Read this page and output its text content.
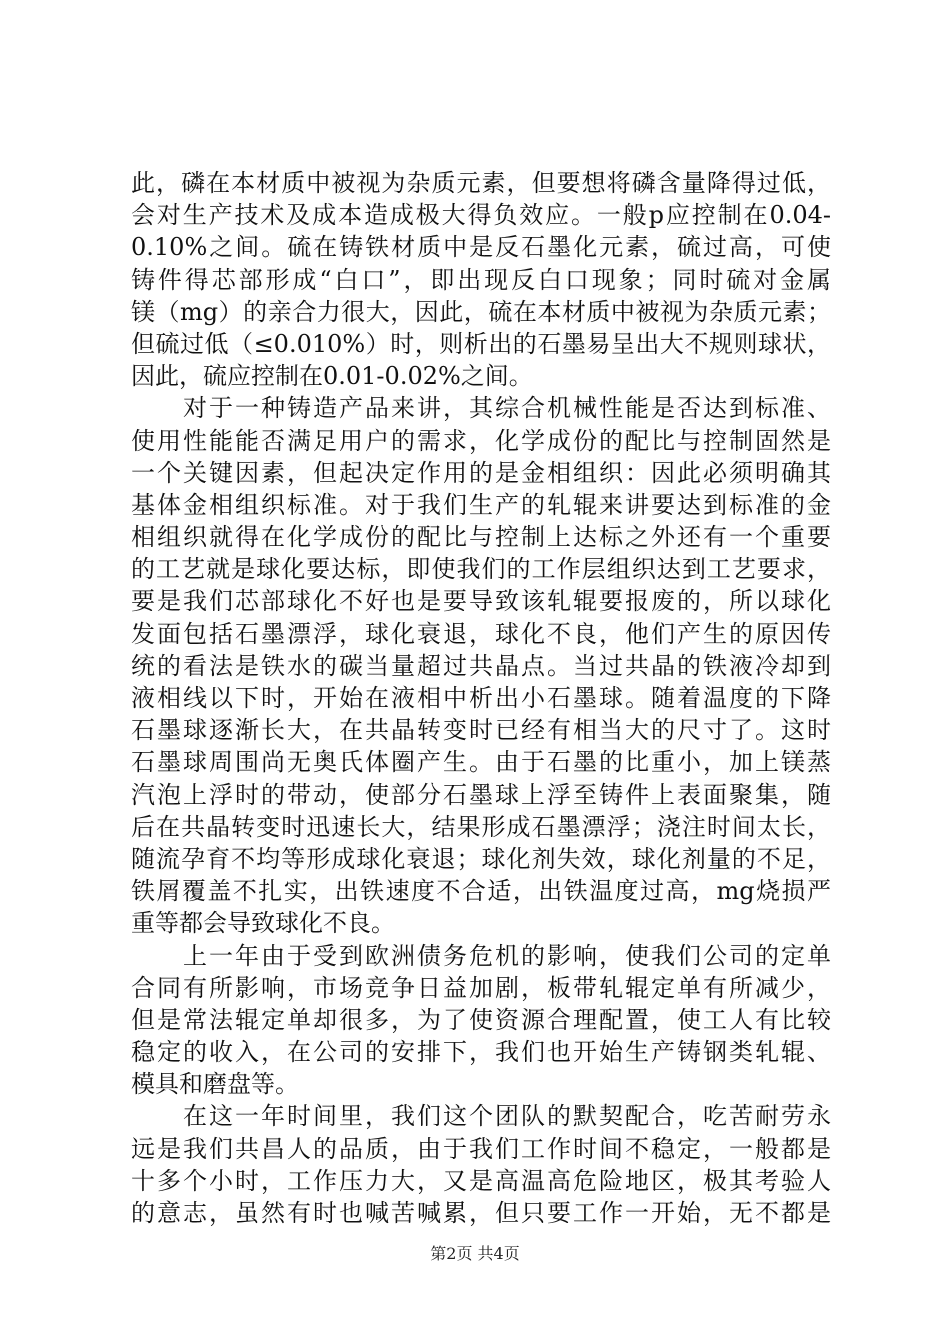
此，磷在本材质中被视为杂质元素，但要想将磷含量降得过低，
会对生产技术及成本造成极大得负效应。一般p应控制在0.04-
0.10%之间。硫在铸铁材质中是反石墨化元素，硫过高，可使
铸件得芯部形成“白口”，即出现反白口现象；同时硫对金属
镁（mg）的亲合力很大，因此，硫在本材质中被视为杂质元素；
但硫过低（≤0.010%）时，则析出的石墨易呈出大不规则球状，
因此，硫应控制在0.01-0.02%之间。
　　对于一种铸造产品来讲，其综合机械性能是否达到标准、
使用性能能否满足用户的需求，化学成份的配比与控制固然是
一个关键因素，但起决定作用的是金相组织：因此必须明确其
基体金相组织标准。对于我们生产的轧辊来讲要达到标准的金
相组织就得在化学成份的配比与控制上达标之外还有一个重要
的工艺就是球化要达标，即使我们的工作层组织达到工艺要求，
要是我们芯部球化不好也是要导致该轧辊要报废的，所以球化
发面包括石墨漂浮，球化衰退，球化不良，他们产生的原因传
统的看法是铁水的碳当量超过共晶点。当过共晶的铁液冷却到
液相线以下时，开始在液相中析出小石墨球。随着温度的下降
石墨球逐渐长大，在共晶转变时已经有相当大的尺寸了。这时
石墨球周围尚无奥氏体圈产生。由于石墨的比重小，加上镁蒸
汽泡上浮时的带动，使部分石墨球上浮至铸件上表面聚集，随
后在共晶转变时迅速长大，结果形成石墨漂浮；浇注时间太长，
随流孕育不均等形成球化衰退；球化剂失效，球化剂量的不足，
铁屑覆盖不扎实，出铁速度不合适，出铁温度过高，mg烧损严
重等都会导致球化不良。
　　上一年由于受到欧洲债务危机的影响，使我们公司的定单
合同有所影响，市场竞争日益加剧，板带轧辊定单有所减少，
但是常法辊定单却很多，为了使资源合理配置，使工人有比较
稳定的收入，在公司的安排下，我们也开始生产铸钢类轧辊、
模具和磨盘等。
　　在这一年时间里，我们这个团队的默契配合，吃苦耐劳永
远是我们共昌人的品质，由于我们工作时间不稳定，一般都是
十多个小时，工作压力大，又是高温高危险地区，极其考验人
的意志，虽然有时也喊苦喊累，但只要工作一开始，无不都是
第2页 共4页
